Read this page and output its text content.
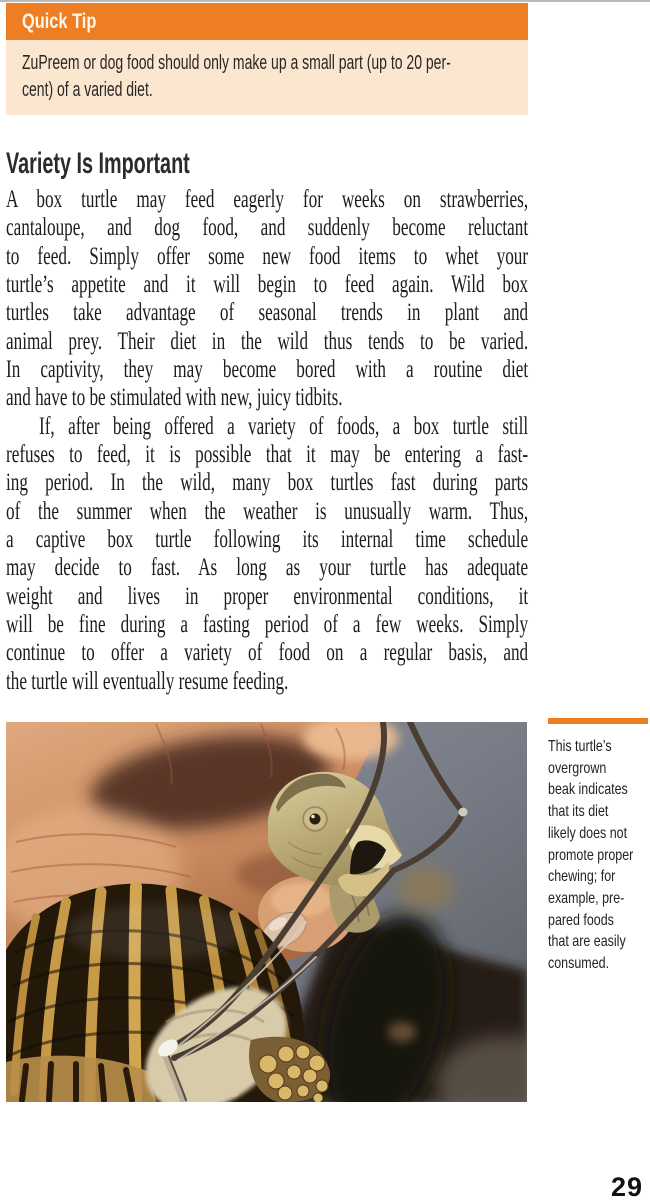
Quick Tip
ZuPreem or dog food should only make up a small part (up to 20 per-
cent) of a varied diet.
Variety Is Important
A box turtle may feed eagerly for weeks on strawberries,
cantaloupe, and dog food, and suddenly become reluctant
to feed. Simply offer some new food items to whet your
turtle’s appetite and it will begin to feed again. Wild box
turtles take advantage of seasonal trends in plant and
animal prey. Their diet in the wild thus tends to be varied.
In captivity, they may become bored with a routine diet
and have to be stimulated with new, juicy tidbits.
If, after being offered a variety of foods, a box turtle still
refuses to feed, it is possible that it may be entering a fast-
ing period. In the wild, many box turtles fast during parts
of the summer when the weather is unusually warm. Thus,
a captive box turtle following its internal time schedule
may decide to fast. As long as your turtle has adequate
weight and lives in proper environmental conditions, it
will be fine during a fasting period of a few weeks. Simply
continue to offer a variety of food on a regular basis, and
the turtle will eventually resume feeding.
This turtle’s
overgrown
beak indicates
that its diet
likely does not
promote proper
chewing; for
example, pre-
pared foods
that are easily
consumed.
29
